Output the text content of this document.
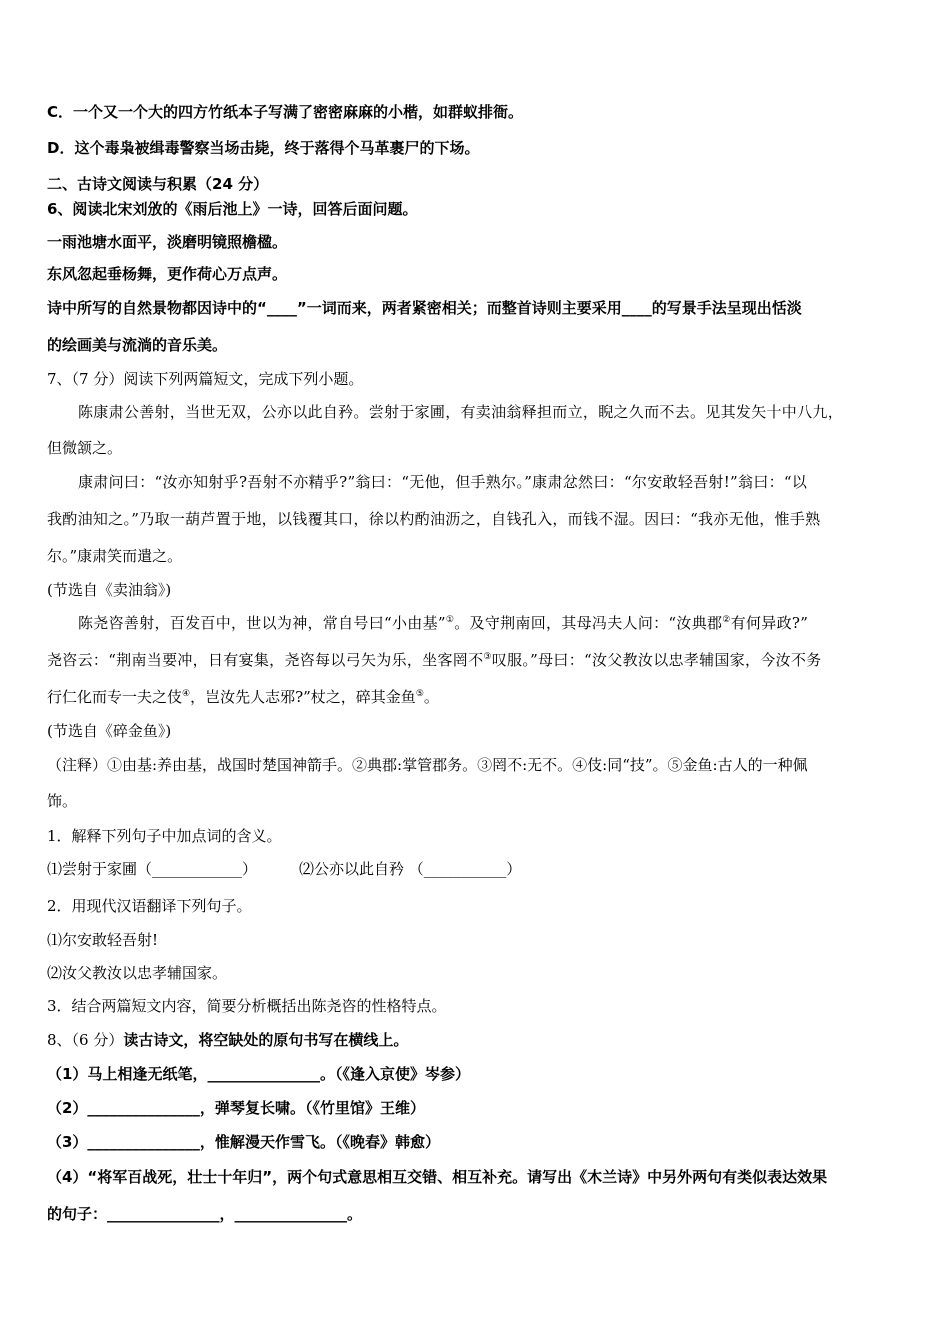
C．一个又一个大的四方竹纸本子写满了密密麻麻的小楷，如群蚁排衙。
D．这个毒枭被缉毒警察当场击毙，终于落得个马革裹尸的下场。
二、古诗文阅读与积累（24 分）
6、阅读北宋刘攽的《雨后池上》一诗，回答后面问题。
一雨池塘水面平，淡磨明镜照檐楹。
东风忽起垂杨舞，更作荷心万点声。
诗中所写的自然景物都因诗中的“____”一词而来，两者紧密相关；而整首诗则主要采用____的写景手法呈现出恬淡
的绘画美与流淌的音乐美。
7、（7 分）阅读下列两篇短文，完成下列小题。
陈康肃公善射，当世无双，公亦以此自矜。尝射于家圃，有卖油翁释担而立，睨之久而不去。见其发矢十中八九，
但微颔之。
康肃问曰：“汝亦知射乎?吾射不亦精乎?”翁曰：“无他，但手熟尔。”康肃忿然曰：“尔安敢轻吾射!”翁曰：“以
我酌油知之。”乃取一葫芦置于地，以钱覆其口，徐以杓酌油沥之，自钱孔入，而钱不湿。因曰：“我亦无他，惟手熟
尔。”康肃笑而遣之。
(节选自《卖油翁》)
陈尧咨善射，百发百中，世以为神，常自号曰“小由基”①。及守荆南回，其母冯夫人问：“汝典郡②有何异政?”
尧咨云：“荆南当要冲，日有宴集，尧咨每以弓矢为乐，坐客罔不③叹服。”母曰：“汝父教汝以忠孝辅国家，今汝不务
行仁化而专一夫之伎④，岂汝先人志邪?”杖之，碎其金鱼⑤。
(节选自《碎金鱼》)
（注释）①由基:养由基，战国时楚国神箭手。②典郡:掌管郡务。③罔不:无不。④伎:同“技”。⑤金鱼:古人的一种佩
饰。
1．解释下列句子中加点词的含义。
⑴尝射于家圃（____________）	⑵公亦以此自矜 （___________）
2．用现代汉语翻译下列句子。
⑴尔安敢轻吾射!
⑵汝父教汝以忠孝辅国家。
3．结合两篇短文内容，简要分析概括出陈尧咨的性格特点。
8、（6 分）读古诗文，将空缺处的原句书写在横线上。
（1）马上相逢无纸笔，_______________。（《逢入京使》岑参）
（2）_______________，弹琴复长啸。（《竹里馆》王维）
（3）_______________，惟解漫天作雪飞。（《晚春》韩愈）
（4）“将军百战死，壮士十年归”，两个句式意思相互交错、相互补充。请写出《木兰诗》中另外两句有类似表达效果
的句子：_______________，_______________。
